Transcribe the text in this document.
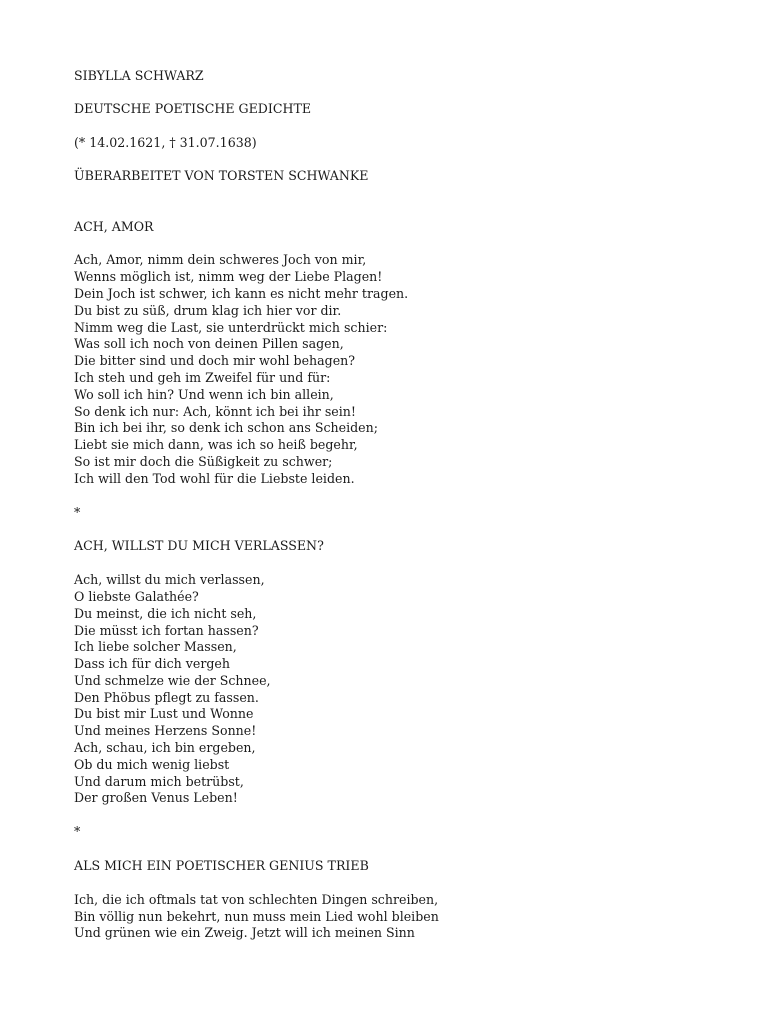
SIBYLLA SCHWARZ
DEUTSCHE POETISCHE GEDICHTE
(* 14.02.1621, † 31.07.1638)
ÜBERARBEITET VON TORSTEN SCHWANKE
ACH, AMOR
Ach, Amor, nimm dein schweres Joch von mir,
Wenns möglich ist, nimm weg der Liebe Plagen!
Dein Joch ist schwer, ich kann es nicht mehr tragen.
Du bist zu süß, drum klag ich hier vor dir.
Nimm weg die Last, sie unterdrückt mich schier:
Was soll ich noch von deinen Pillen sagen,
Die bitter sind und doch mir wohl behagen?
Ich steh und geh im Zweifel für und für:
Wo soll ich hin? Und wenn ich bin allein,
So denk ich nur: Ach, könnt ich bei ihr sein!
Bin ich bei ihr, so denk ich schon ans Scheiden;
Liebt sie mich dann, was ich so heiß begehr,
So ist mir doch die Süßigkeit zu schwer;
Ich will den Tod wohl für die Liebste leiden.
*
ACH, WILLST DU MICH VERLASSEN?
Ach, willst du mich verlassen,
O liebste Galathée?
Du meinst, die ich nicht seh,
Die müsst ich fortan hassen?
Ich liebe solcher Massen,
Dass ich für dich vergeh
Und schmelze wie der Schnee,
Den Phöbus pflegt zu fassen.
Du bist mir Lust und Wonne
Und meines Herzens Sonne!
Ach, schau, ich bin ergeben,
Ob du mich wenig liebst
Und darum mich betrübst,
Der großen Venus Leben!
*
ALS MICH EIN POETISCHER GENIUS TRIEB
Ich, die ich oftmals tat von schlechten Dingen schreiben,
Bin völlig nun bekehrt, nun muss mein Lied wohl bleiben
Und grünen wie ein Zweig. Jetzt will ich meinen Sinn
